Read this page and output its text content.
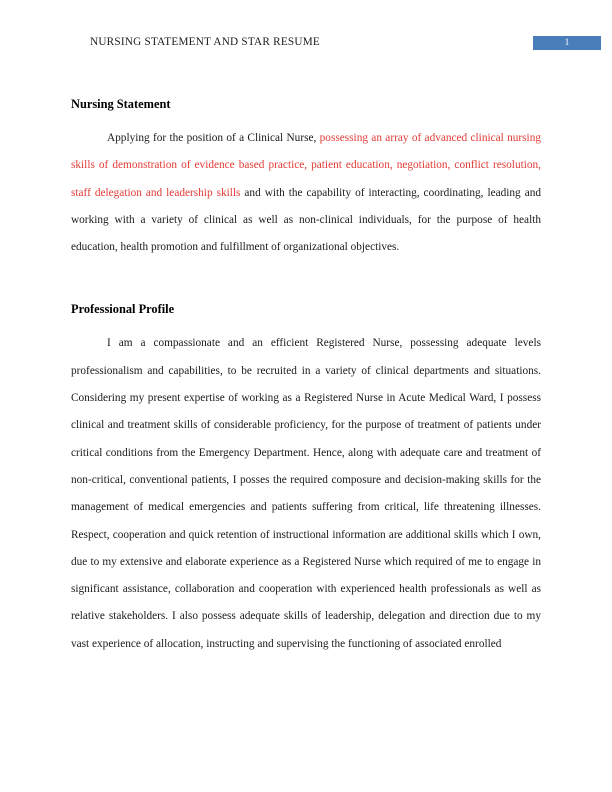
NURSING STATEMENT AND STAR RESUME	1
Nursing Statement

Applying for the position of a Clinical Nurse, possessing an array of advanced clinical nursing skills of demonstration of evidence based practice, patient education, negotiation, conflict resolution, staff delegation and leadership skills and with the capability of interacting, coordinating, leading and working with a variety of clinical as well as non-clinical individuals, for the purpose of health education, health promotion and fulfillment of organizational objectives.

Professional Profile

I am a compassionate and an efficient Registered Nurse, possessing adequate levels professionalism and capabilities, to be recruited in a variety of clinical departments and situations. Considering my present expertise of working as a Registered Nurse in Acute Medical Ward, I possess clinical and treatment skills of considerable proficiency, for the purpose of treatment of patients under critical conditions from the Emergency Department. Hence, along with adequate care and treatment of non-critical, conventional patients, I posses the required composure and decision-making skills for the management of medical emergencies and patients suffering from critical, life threatening illnesses. Respect, cooperation and quick retention of instructional information are additional skills which I own, due to my extensive and elaborate experience as a Registered Nurse which required of me to engage in significant assistance, collaboration and cooperation with experienced health professionals as well as relative stakeholders. I also possess adequate skills of leadership, delegation and direction due to my vast experience of allocation, instructing and supervising the functioning of associated enrolled
